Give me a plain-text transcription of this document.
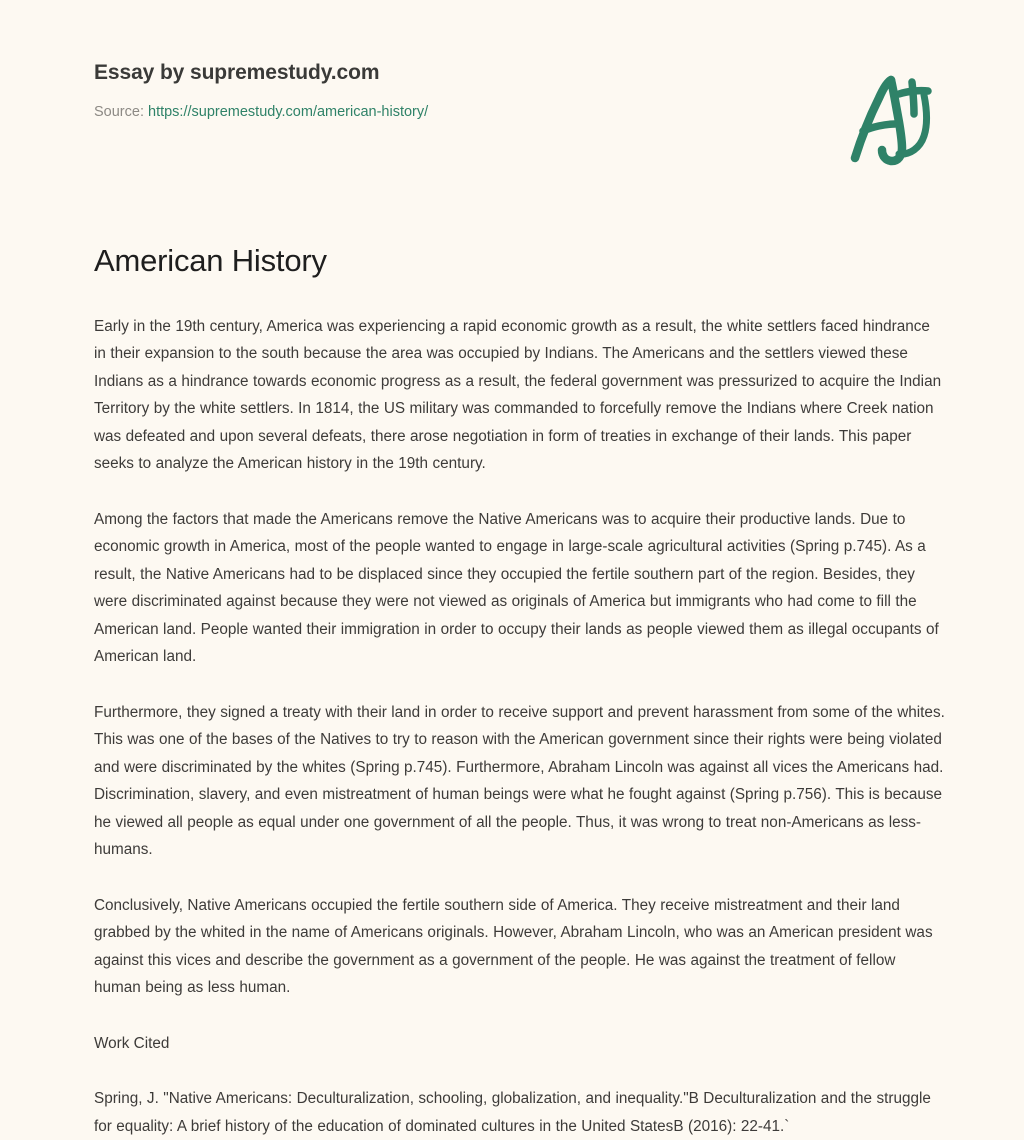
Essay by supremestudy.com
Source: https://supremestudy.com/american-history/
American History

Early in the 19th century, America was experiencing a rapid economic growth as a result, the white settlers faced hindrance in their expansion to the south because the area was occupied by Indians. The Americans and the settlers viewed these Indians as a hindrance towards economic progress as a result, the federal government was pressurized to acquire the Indian Territory by the white settlers. In 1814, the US military was commanded to forcefully remove the Indians where Creek nation was defeated and upon several defeats, there arose negotiation in form of treaties in exchange of their lands. This paper seeks to analyze the American history in the 19th century.

Among the factors that made the Americans remove the Native Americans was to acquire their productive lands. Due to economic growth in America, most of the people wanted to engage in large-scale agricultural activities (Spring p.745). As a result, the Native Americans had to be displaced since they occupied the fertile southern part of the region. Besides, they were discriminated against because they were not viewed as originals of America but immigrants who had come to fill the American land. People wanted their immigration in order to occupy their lands as people viewed them as illegal occupants of American land.

Furthermore, they signed a treaty with their land in order to receive support and prevent harassment from some of the whites. This was one of the bases of the Natives to try to reason with the American government since their rights were being violated and were discriminated by the whites (Spring p.745). Furthermore, Abraham Lincoln was against all vices the Americans had. Discrimination, slavery, and even mistreatment of human beings were what he fought against (Spring p.756). This is because he viewed all people as equal under one government of all the people. Thus, it was wrong to treat non-Americans as less-humans.

Conclusively, Native Americans occupied the fertile southern side of America. They receive mistreatment and their land grabbed by the whited in the name of Americans originals. However, Abraham Lincoln, who was an American president was against this vices and describe the government as a government of the people. He was against the treatment of fellow human being as less human.

Work Cited

Spring, J. "Native Americans: Deculturalization, schooling, globalization, and inequality."B Deculturalization and the struggle for equality: A brief history of the education of dominated cultures in the United StatesB (2016): 22-41.`
